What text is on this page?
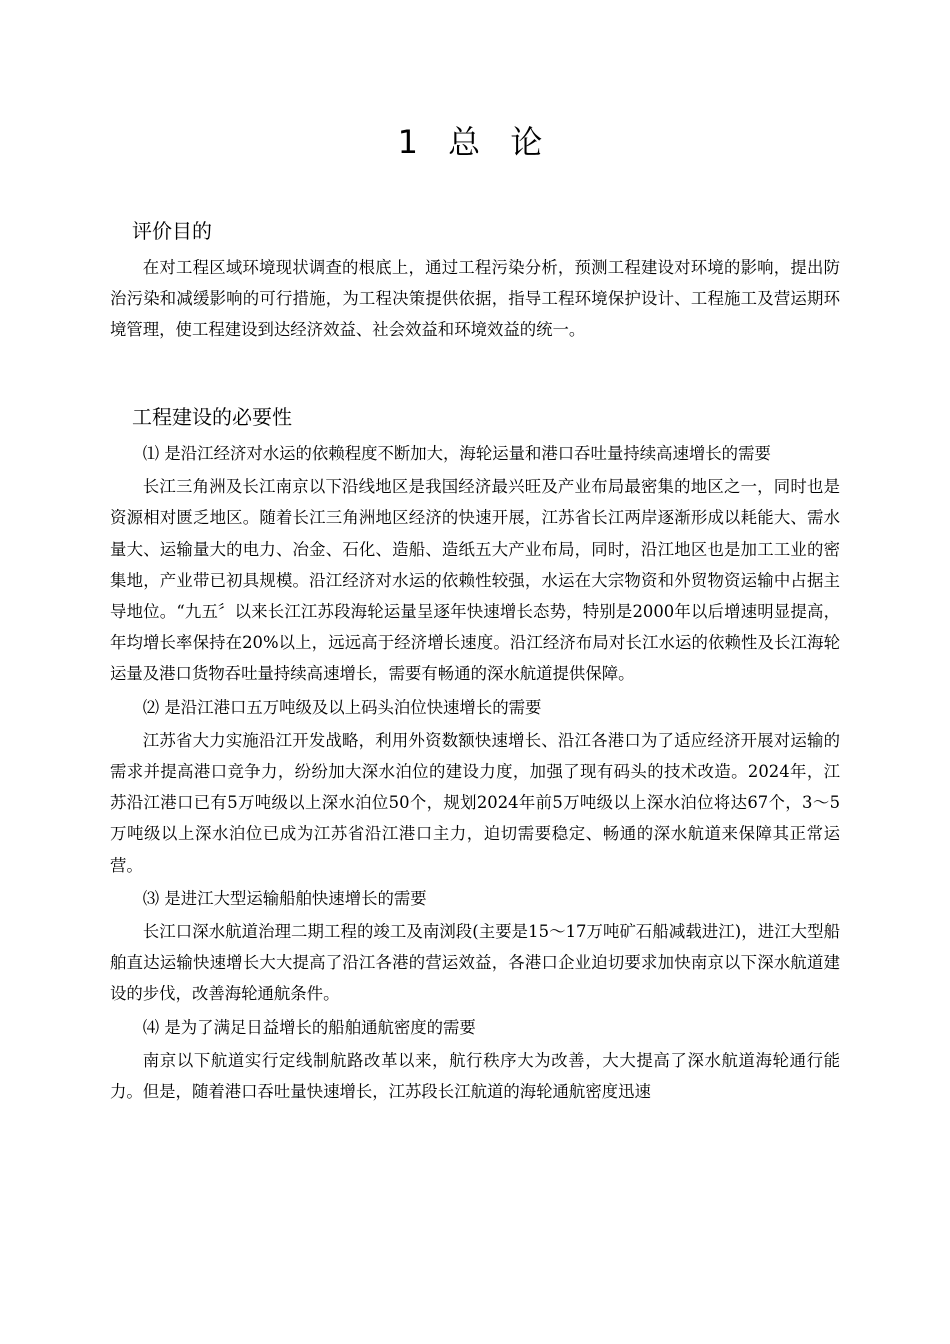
1 总 论
评价目的

在对工程区域环境现状调查的根底上，通过工程污染分析，预测工程建设对环境的影响，提出防治污染和减缓影响的可行措施，为工程决策提供依据，指导工程环境保护设计、工程施工及营运期环境管理，使工程建设到达经济效益、社会效益和环境效益的统一。

工程建设的必要性

⑴ 是沿江经济对水运的依赖程度不断加大，海轮运量和港口吞吐量持续高速增长的需要

长江三角洲及长江南京以下沿线地区是我国经济最兴旺及产业布局最密集的地区之一，同时也是资源相对匮乏地区。随着长江三角洲地区经济的快速开展，江苏省长江两岸逐渐形成以耗能大、需水量大、运输量大的电力、冶金、石化、造船、造纸五大产业布局，同时，沿江地区也是加工工业的密集地，产业带已初具规模。沿江经济对水运的依赖性较强，水运在大宗物资和外贸物资运输中占据主导地位。“九五〞以来长江江苏段海轮运量呈逐年快速增长态势，特别是2000年以后增速明显提高，年均增长率保持在20%以上，远远高于经济增长速度。沿江经济布局对长江水运的依赖性及长江海轮运量及港口货物吞吐量持续高速增长，需要有畅通的深水航道提供保障。

⑵ 是沿江港口五万吨级及以上码头泊位快速增长的需要

江苏省大力实施沿江开发战略，利用外资数额快速增长、沿江各港口为了适应经济开展对运输的需求并提高港口竞争力，纷纷加大深水泊位的建设力度，加强了现有码头的技术改造。2024年，江苏沿江港口已有5万吨级以上深水泊位50个，规划2024年前5万吨级以上深水泊位将达67个，3～5万吨级以上深水泊位已成为江苏省沿江港口主力，迫切需要稳定、畅通的深水航道来保障其正常运营。

⑶ 是进江大型运输船舶快速增长的需要

长江口深水航道治理二期工程的竣工及南浏段(主要是15～17万吨矿石船减载进江)，进江大型船舶直达运输快速增长大大提高了沿江各港的营运效益，各港口企业迫切要求加快南京以下深水航道建设的步伐，改善海轮通航条件。

⑷ 是为了满足日益增长的船舶通航密度的需要

南京以下航道实行定线制航路改革以来，航行秩序大为改善，大大提高了深水航道海轮通行能力。但是，随着港口吞吐量快速增长，江苏段长江航道的海轮通航密度迅速
